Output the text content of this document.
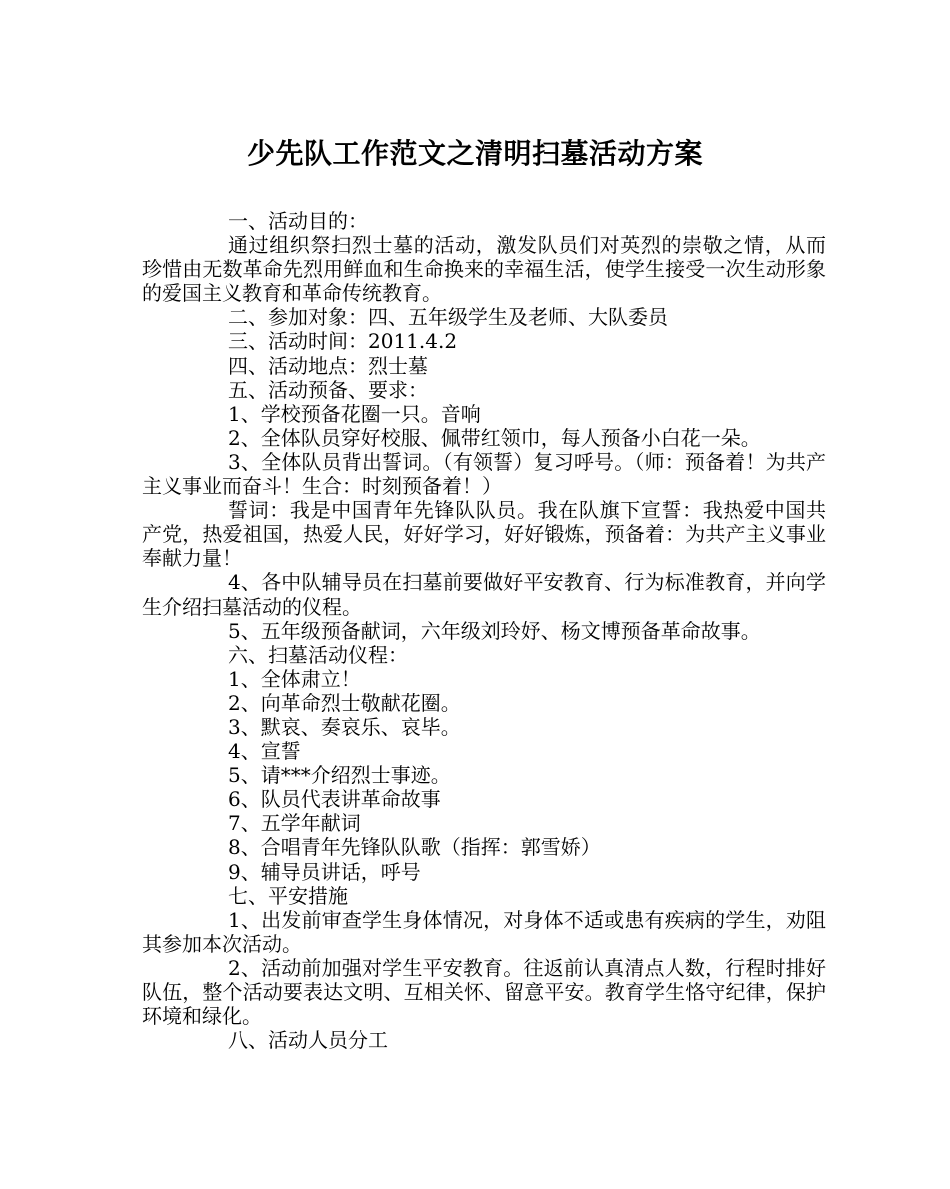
少先队工作范文之清明扫墓活动方案

一、活动目的：

通过组织祭扫烈士墓的活动，激发队员们对英烈的崇敬之情，从而珍惜由无数革命先烈用鲜血和生命换来的幸福生活，使学生接受一次生动形象的爱国主义教育和革命传统教育。

二、参加对象：四、五年级学生及老师、大队委员

三、活动时间：2011.4.2

四、活动地点：烈士墓

五、活动预备、要求：

1、学校预备花圈一只。音响

2、全体队员穿好校服、佩带红领巾，每人预备小白花一朵。

3、全体队员背出誓词。（有领誓）复习呼号。（师：预备着！为共产主义事业而奋斗！生合：时刻预备着！）

誓词：我是中国青年先锋队队员。我在队旗下宣誓：我热爱中国共产党，热爱祖国，热爱人民，好好学习，好好锻炼，预备着：为共产主义事业奉献力量！

4、各中队辅导员在扫墓前要做好平安教育、行为标准教育，并向学生介绍扫墓活动的仪程。

5、五年级预备献词，六年级刘玲妤、杨文博预备革命故事。

六、扫墓活动仪程：

1、全体肃立！

2、向革命烈士敬献花圈。

3、默哀、奏哀乐、哀毕。

4、宣誓

5、请***介绍烈士事迹。

6、队员代表讲革命故事

7、五学年献词

8、合唱青年先锋队队歌（指挥：郭雪娇）

9、辅导员讲话，呼号

七、平安措施

1、出发前审查学生身体情况，对身体不适或患有疾病的学生，劝阻其参加本次活动。

2、活动前加强对学生平安教育。往返前认真清点人数，行程时排好队伍，整个活动要表达文明、互相关怀、留意平安。教育学生恪守纪律，保护环境和绿化。

八、活动人员分工
